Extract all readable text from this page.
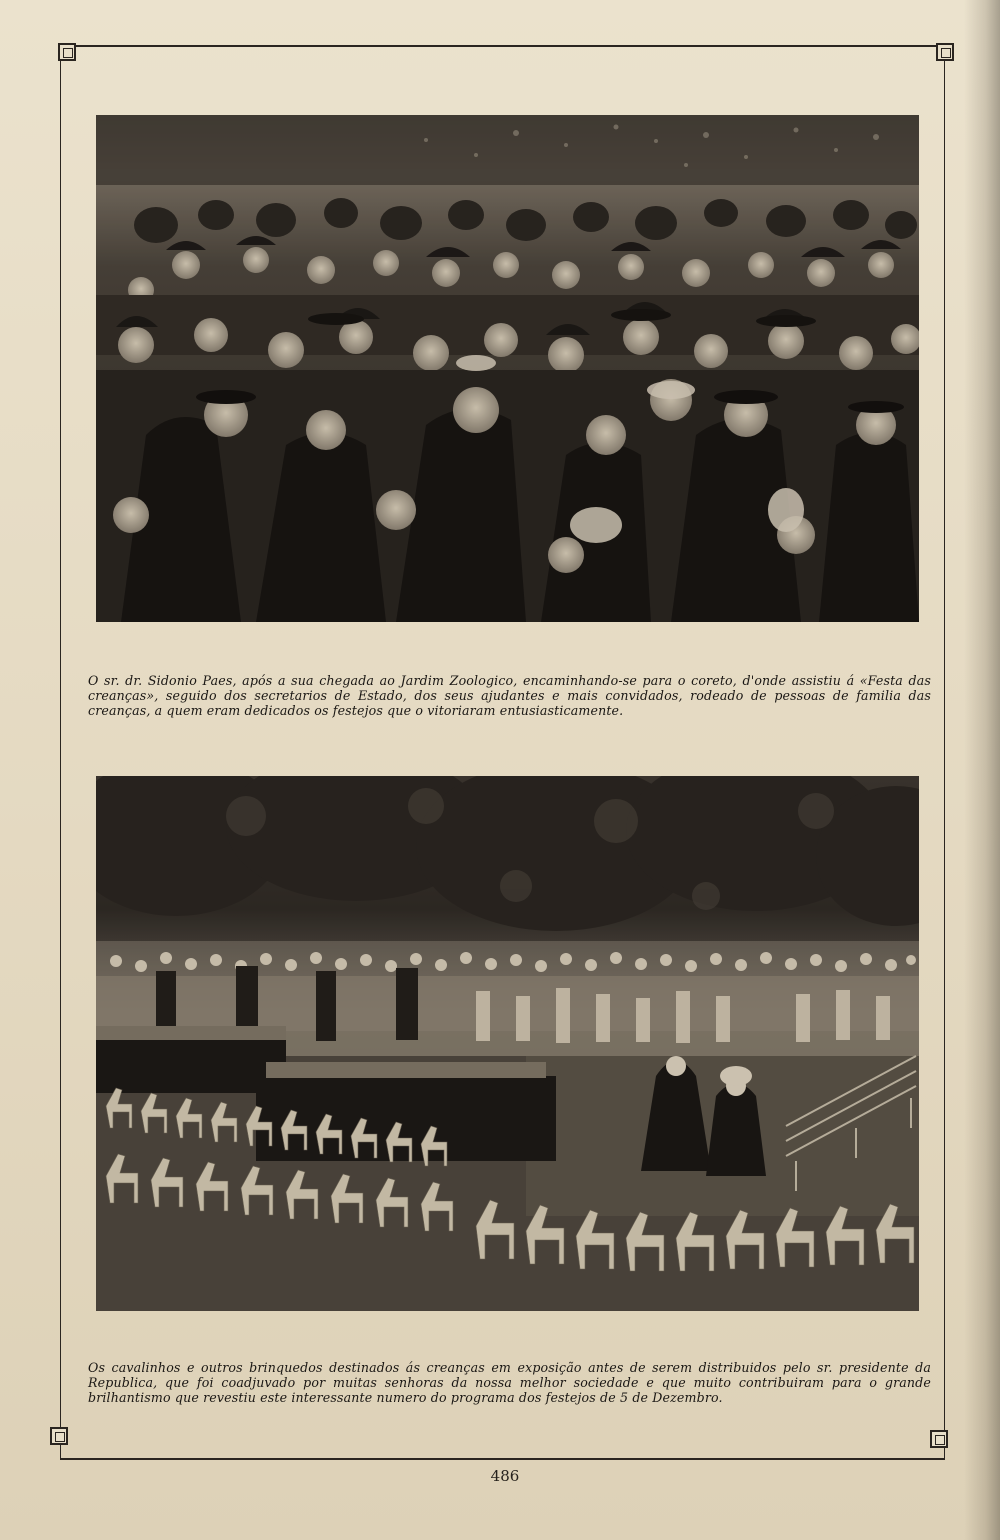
O sr. dr. Sidonio Paes, após a sua chegada ao Jardim Zoologico, encaminhando-se para o coreto, d'onde assistiu á «Festa das creanças», seguido dos secretarios de Estado, dos seus ajudantes e mais convidados, rodeado de pessoas de familia das creanças, a quem eram dedicados os festejos que o vitoriaram entusiasticamente.

Os cavalinhos e outros brinquedos destinados ás creanças em exposição antes de serem distribuidos pelo sr. presidente da Republica, que foi coadjuvado por muitas senhoras da nossa melhor sociedade e que muito contribuiram para o grande brilhantismo que revestiu este interessante numero do programa dos festejos de 5 de Dezembro.

486
